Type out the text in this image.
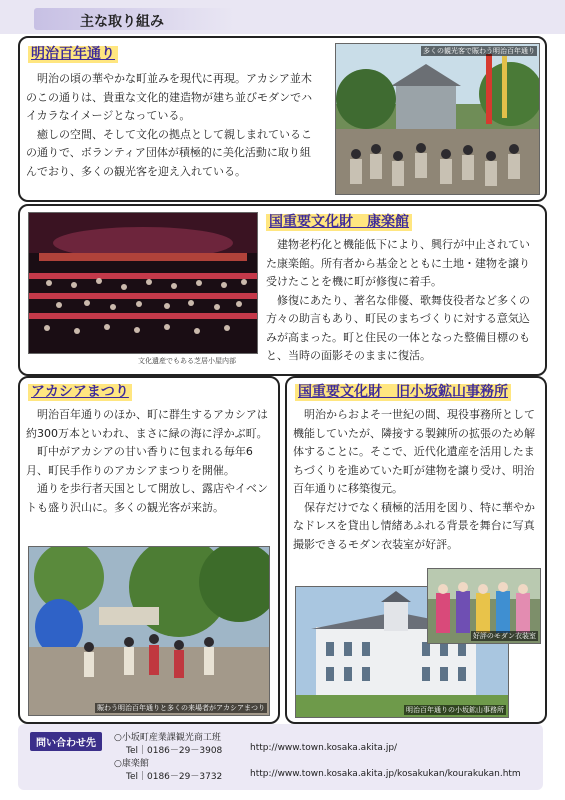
主な取り組み
明治百年通り

明治の頃の華やかな町並みを現代に再現。アカシア並木のこの通りは、貴重な文化的建造物が建ち並びモダンでハイカラなイメージとなっている。

癒しの空間、そして文化の拠点として親しまれているこの通りで、ボランティア団体が積極的に美化活動に取り組んでおり、多くの観光客を迎え入れている。

多くの観光客で賑わう明治百年通り
文化遺産でもある芝居小屋内部
国重要文化財　康楽館

建物老朽化と機能低下により、興行が中止されていた康楽館。所有者から基金とともに土地・建物を譲り受けたことを機に町が修復に着手。

修復にあたり、著名な俳優、歌舞伎役者など多くの方々の助言もあり、町民のまちづくりに対する意気込みが高まった。町と住民の一体となった整備目標のもと、当時の面影そのままに復活。

アカシアまつり

明治百年通りのほか、町に群生するアカシアは約300万本といわれ、まさに緑の海に浮かぶ町。

町中がアカシアの甘い香りに包まれる毎年6月、町民手作りのアカシアまつりを開催。

通りを歩行者天国として開放し、露店やイベントも盛り沢山に。多くの観光客が来訪。

賑わう明治百年通りと多くの来場者がアカシアまつり
国重要文化財　旧小坂鉱山事務所

明治からおよそ一世紀の間、現役事務所として機能していたが、隣接する製錬所の拡張のため解体することに。そこで、近代化遺産を活用したまちづくりを進めていた町が建物を譲り受け、明治百年通りに移築復元。

保存だけでなく積極的活用を図り、特に華やかなドレスを貸出し情緒あふれる背景を舞台に写真撮影できるモダン衣装室が好評。

明治百年通りの小坂鉱山事務所
好評のモダン衣装室
問い合わせ先	○小坂町産業課観光商工班
Tel｜0186－29－3908	http://www.town.kosaka.akita.jp/
○康楽館
Tel｜0186－29－3732	http://www.town.kosaka.akita.jp/kosakukan/kourakukan.htm
